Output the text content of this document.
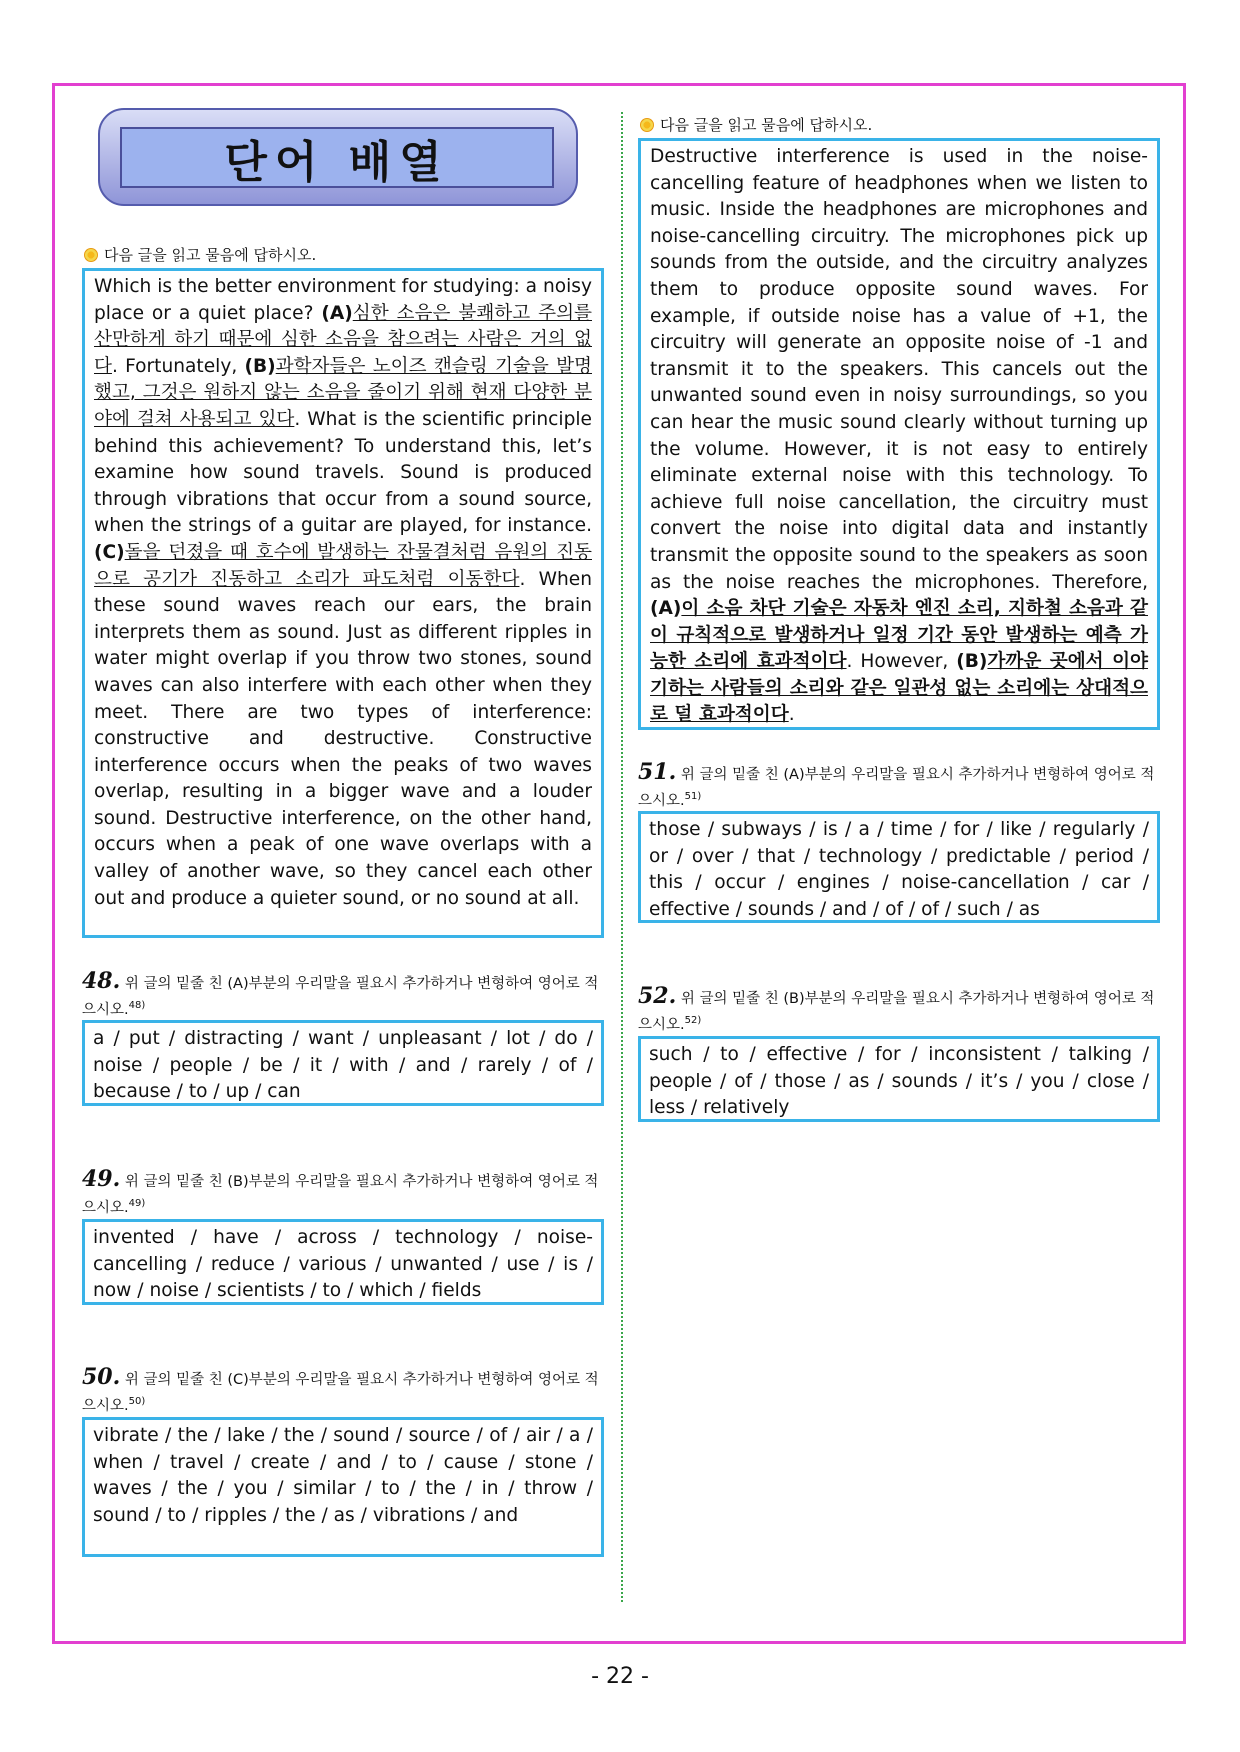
단어 배열
다음 글을 읽고 물음에 답하시오.
Which is the better environment for studying: a noisy place or a quiet place? (A)심한 소음은 불쾌하고 주의를 산만하게 하기 때문에 심한 소음을 참으려는 사람은 거의 없다. Fortunately, (B)과학자들은 노이즈 캔슬링 기술을 발명했고, 그것은 원하지 않는 소음을 줄이기 위해 현재 다양한 분야에 걸쳐 사용되고 있다. What is the scientific principle behind this achievement? To understand this, let’s examine how sound travels. Sound is produced through vibrations that occur from a sound source, when the strings of a guitar are played, for instance. (C)돌을 던졌을 때 호수에 발생하는 잔물결처럼 음원의 진동으로 공기가 진동하고 소리가 파도처럼 이동한다. When these sound waves reach our ears, the brain interprets them as sound. Just as different ripples in water might overlap if you throw two stones, sound waves can also interfere with each other when they meet. There are two types of interference: constructive and destructive. Constructive interference occurs when the peaks of two waves overlap, resulting in a bigger wave and a louder sound. Destructive interference, on the other hand, occurs when a peak of one wave overlaps with a valley of another wave, so they cancel each other out and produce a quieter sound, or no sound at all.
48. 위 글의 밑줄 친 (A)부분의 우리말을 필요시 추가하거나 변형하여 영어로 적으시오.$^{48)}$
a / put / distracting / want / unpleasant / lot / do / noise / people / be / it / with / and / rarely / of / because / to / up / can
49. 위 글의 밑줄 친 (B)부분의 우리말을 필요시 추가하거나 변형하여 영어로 적으시오.$^{49)}$
invented / have / across / technology / noise-cancelling / reduce / various / unwanted / use / is / now / noise / scientists / to / which / fields
50. 위 글의 밑줄 친 (C)부분의 우리말을 필요시 추가하거나 변형하여 영어로 적으시오.$^{50)}$
vibrate / the / lake / the / sound / source / of / air / a / when / travel / create / and / to / cause / stone / waves / the / you / similar / to / the / in / throw / sound / to / ripples / the / as / vibrations / and
다음 글을 읽고 물음에 답하시오.
Destructive interference is used in the noise-cancelling feature of headphones when we listen to music. Inside the headphones are microphones and noise-cancelling circuitry. The microphones pick up sounds from the outside, and the circuitry analyzes them to produce opposite sound waves. For example, if outside noise has a value of +1, the circuitry will generate an opposite noise of -1 and transmit it to the speakers. This cancels out the unwanted sound even in noisy surroundings, so you can hear the music sound clearly without turning up the volume. However, it is not easy to entirely eliminate external noise with this technology. To achieve full noise cancellation, the circuitry must convert the noise into digital data and instantly transmit the opposite sound to the speakers as soon as the noise reaches the microphones. Therefore, (A)이 소음 차단 기술은 자동차 엔진 소리, 지하철 소음과 같이 규칙적으로 발생하거나 일정 기간 동안 발생하는 예측 가능한 소리에 효과적이다. However, (B)가까운 곳에서 이야기하는 사람들의 소리와 같은 일관성 없는 소리에는 상대적으로 덜 효과적이다.
51. 위 글의 밑줄 친 (A)부분의 우리말을 필요시 추가하거나 변형하여 영어로 적으시오.$^{51)}$
those / subways / is / a / time / for / like / regularly / or / over / that / technology / predictable / period / this / occur / engines / noise-cancellation / car / effective / sounds / and / of / of / such / as
52. 위 글의 밑줄 친 (B)부분의 우리말을 필요시 추가하거나 변형하여 영어로 적으시오.$^{52)}$
such / to / effective / for / inconsistent / talking / people / of / those / as / sounds / it’s / you / close / less / relatively
- 22 -
